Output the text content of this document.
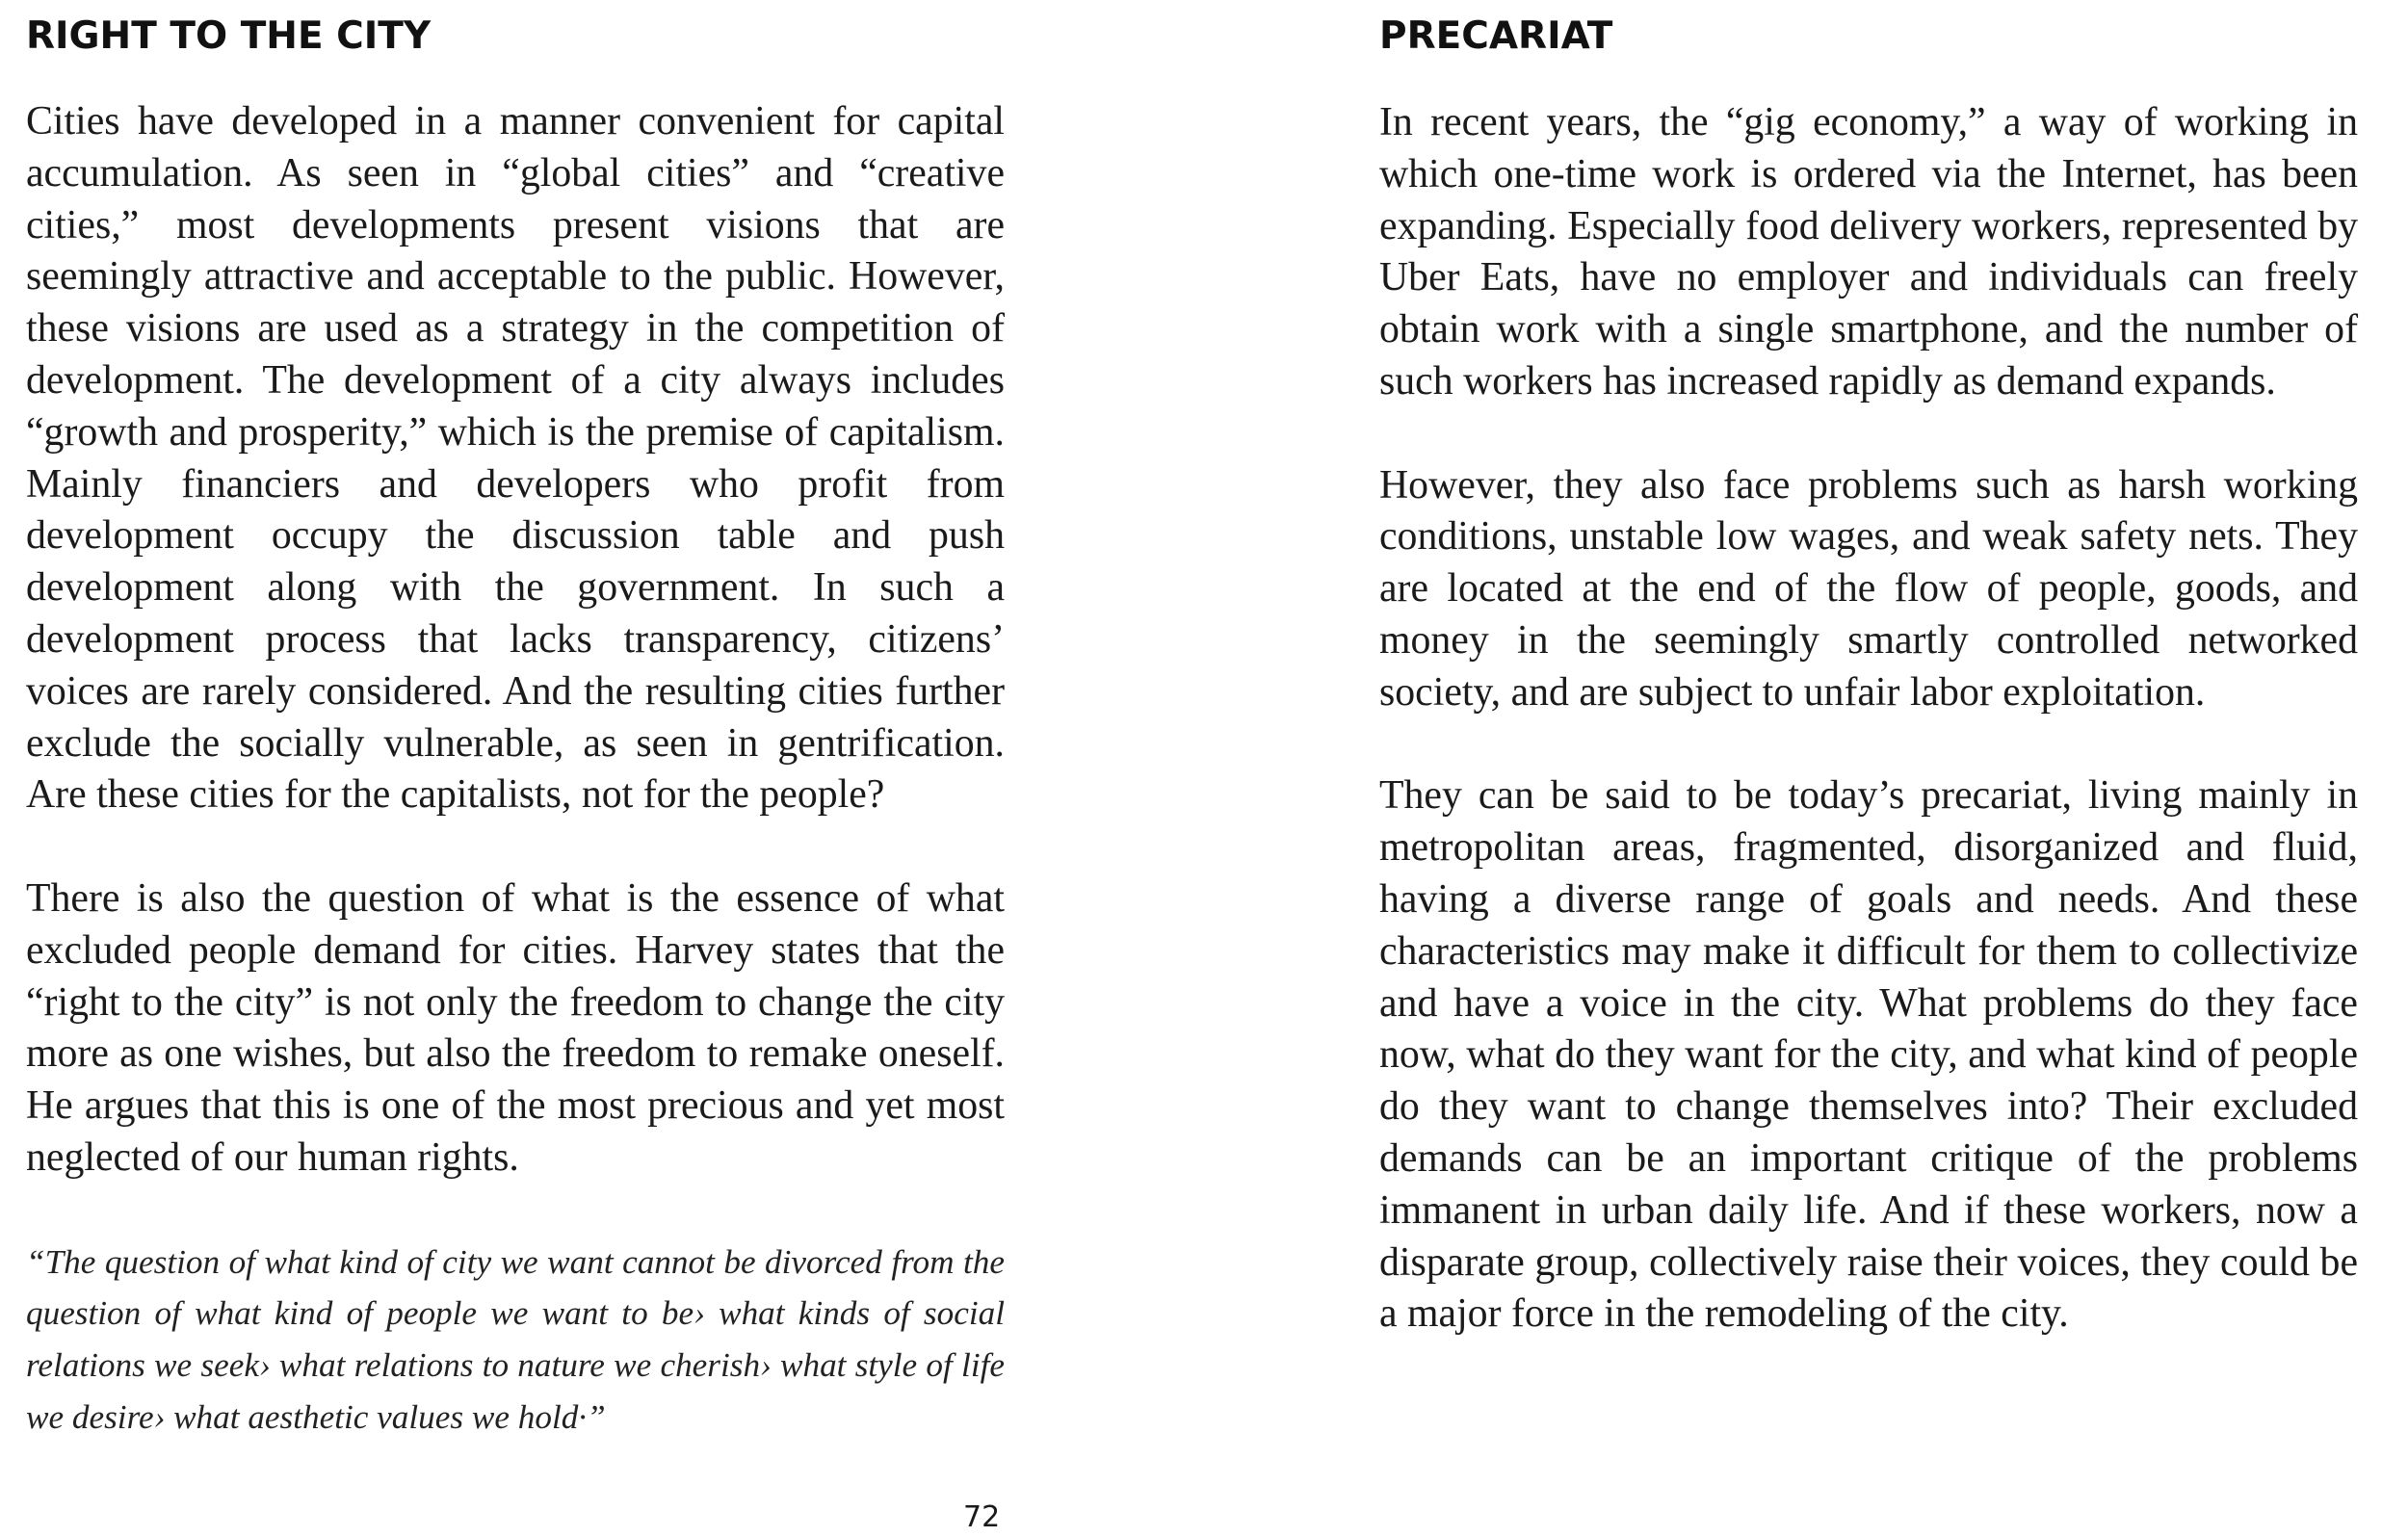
RIGHT TO THE CITY

Cities have developed in a manner convenient for capital accumulation. As seen in “global cities” and “creative cities,” most developments present visions that are seemingly attractive and acceptable to the public. However, these visions are used as a strategy in the competition of development. The development of a city always includes “growth and prosperity,” which is the premise of capitalism. Mainly financiers and developers who profit from development occupy the discussion table and push development along with the government. In such a development process that lacks transparency, citizens’ voices are rarely considered. And the resulting cities further exclude the socially vulnerable, as seen in gentrification. Are these cities for the capitalists, not for the people?

There is also the question of what is the essence of what excluded people demand for cities. Harvey states that the “right to the city” is not only the freedom to change the city more as one wishes, but also the freedom to remake oneself. He argues that this is one of the most precious and yet most neglected of our human rights.

“The question of what kind of city we want cannot be divorced from the question of what kind of people we want to be› what kinds of social relations we seek› what relations to nature we cherish› what style of life we desire› what aesthetic values we hold·”

PRECARIAT

In recent years, the “gig economy,” a way of working in which one-time work is ordered via the Internet, has been expanding. Especially food delivery workers, represented by Uber Eats, have no employer and individuals can freely obtain work with a single smartphone, and the number of such workers has increased rapidly as demand expands.

However, they also face problems such as harsh working conditions, unstable low wages, and weak safety nets. They are located at the end of the flow of people, goods, and money in the seemingly smartly controlled networked society, and are subject to unfair labor exploitation.

They can be said to be today’s precariat, living mainly in metropolitan areas, fragmented, disorganized and fluid, having a diverse range of goals and needs. And these characteristics may make it difficult for them to collectivize and have a voice in the city. What problems do they face now, what do they want for the city, and what kind of people do they want to change themselves into? Their excluded demands can be an important critique of the problems immanent in urban daily life. And if these workers, now a disparate group, collectively raise their voices, they could be a major force in the remodeling of the city.

72
